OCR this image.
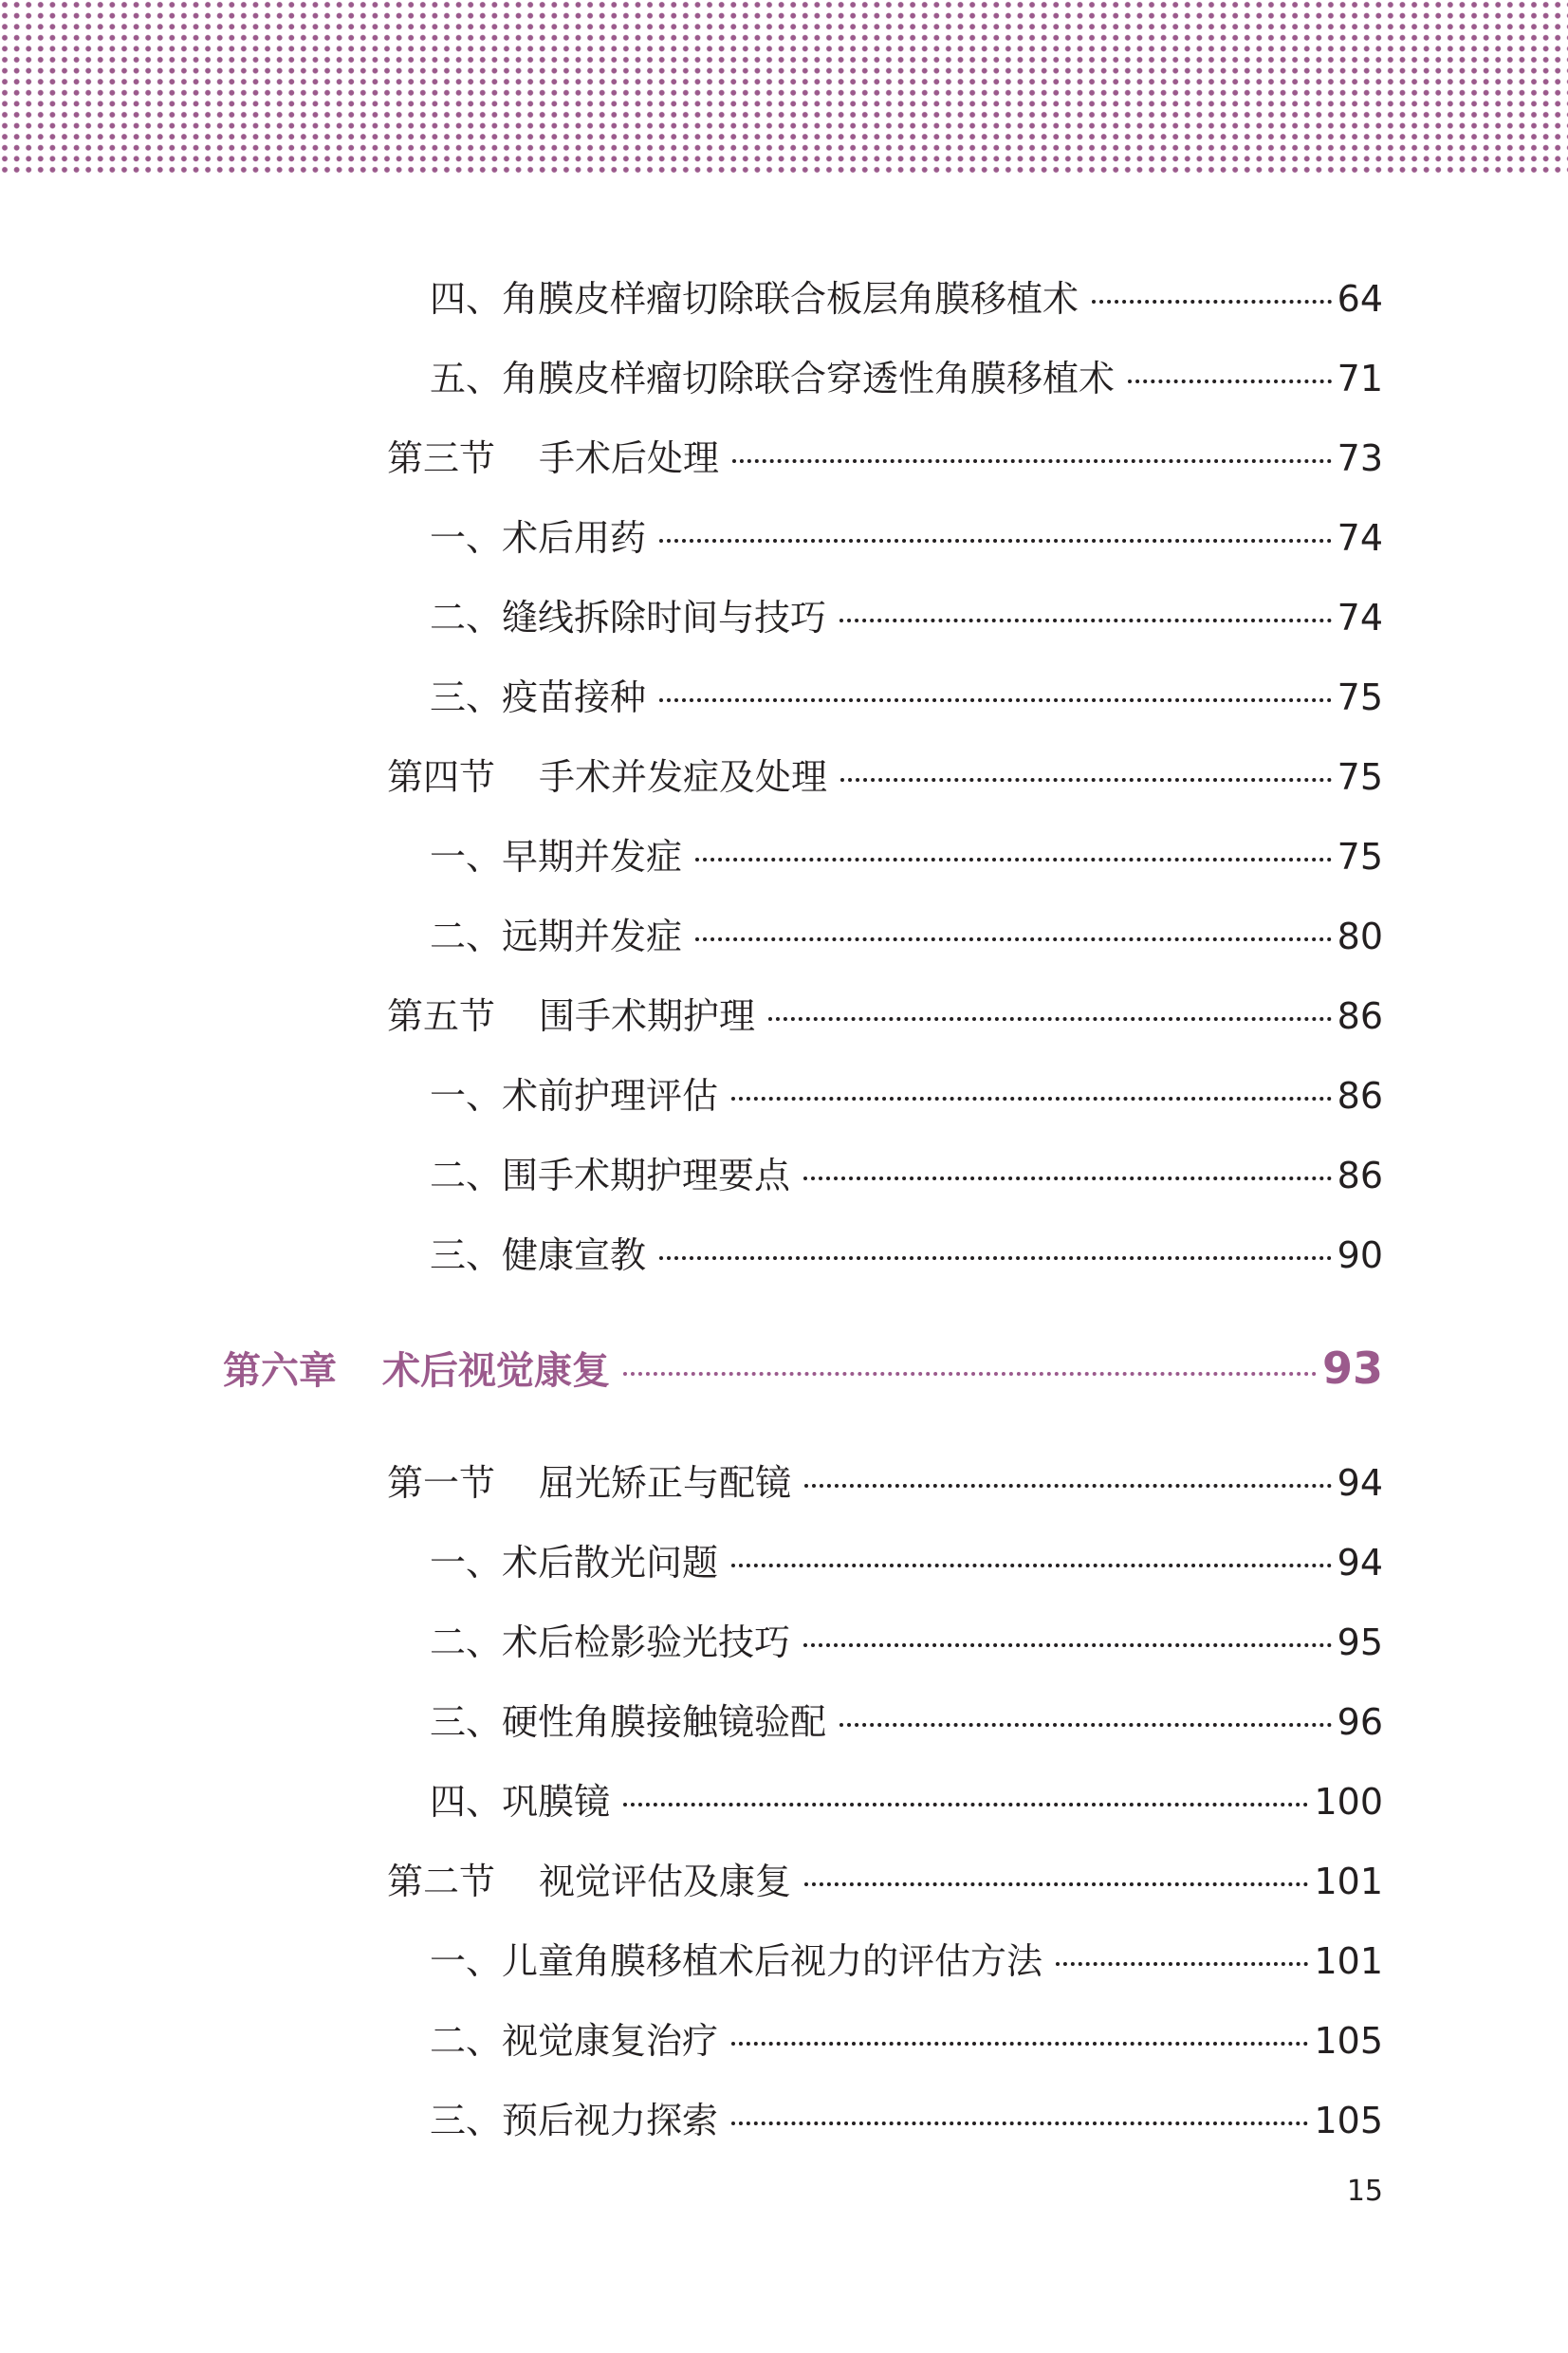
四、角膜皮样瘤切除联合板层角膜移植术	64
五、角膜皮样瘤切除联合穿透性角膜移植术	71
第三节 手术后处理	73
一、术后用药	74
二、缝线拆除时间与技巧	74
三、疫苗接种	75
第四节 手术并发症及处理	75
一、早期并发症	75
二、远期并发症	80
第五节 围手术期护理	86
一、术前护理评估	86
二、围手术期护理要点	86
三、健康宣教	90
第六章 术后视觉康复	93
第一节 屈光矫正与配镜	94
一、术后散光问题	94
二、术后检影验光技巧	95
三、硬性角膜接触镜验配	96
四、巩膜镜	100
第二节 视觉评估及康复	101
一、儿童角膜移植术后视力的评估方法	101
二、视觉康复治疗	105
三、预后视力探索	105
15
